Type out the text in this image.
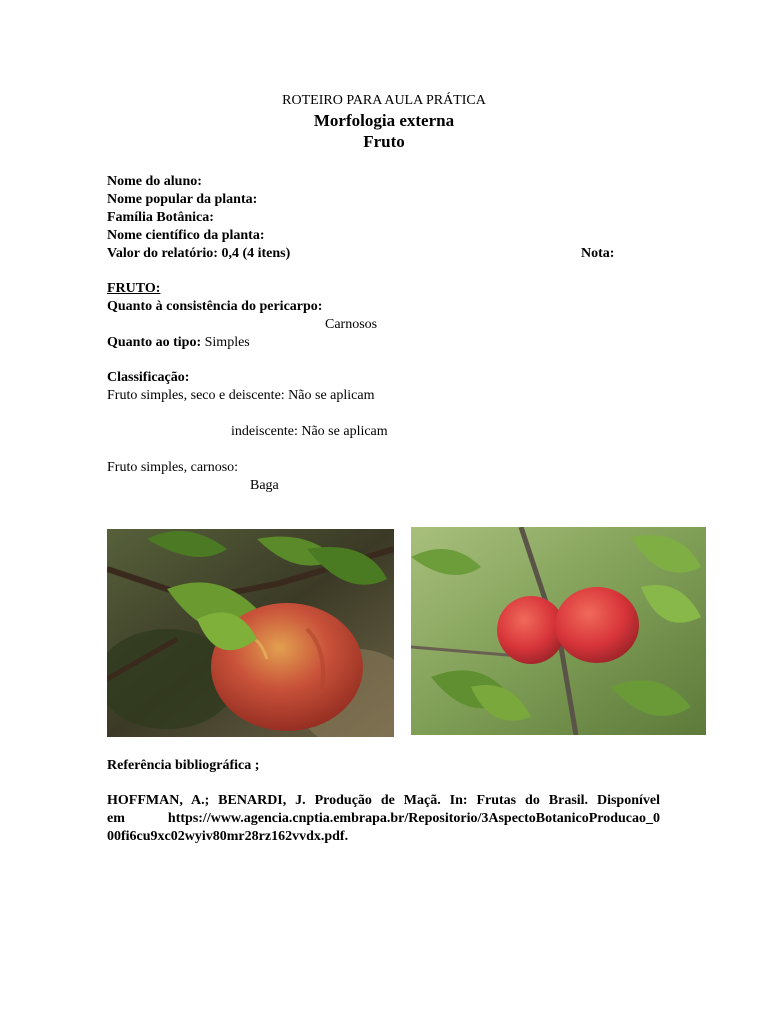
ROTEIRO PARA AULA PRÁTICA
Morfologia externa
Fruto
Nome do aluno:
Nome popular da planta:
Família Botânica:
Nome científico da planta:
Valor do relatório: 0,4 (4 itens)	Nota:
FRUTO:
Quanto à consistência do pericarpo:
Carnosos
Quanto ao tipo: Simples
Classificação:
Fruto simples, seco e deiscente: Não se aplicam
indeiscente: Não se aplicam
Fruto simples, carnoso:
Baga
Referência bibliográfica ;
HOFFMAN, A.; BENARDI, J. Produção de Maçã. In: Frutas do Brasil. Disponível
em https://www.agencia.cnptia.embrapa.br/Repositorio/3AspectoBotanicoProducao_0
00fi6cu9xc02wyiv80mr28rz162vvdx.pdf.
